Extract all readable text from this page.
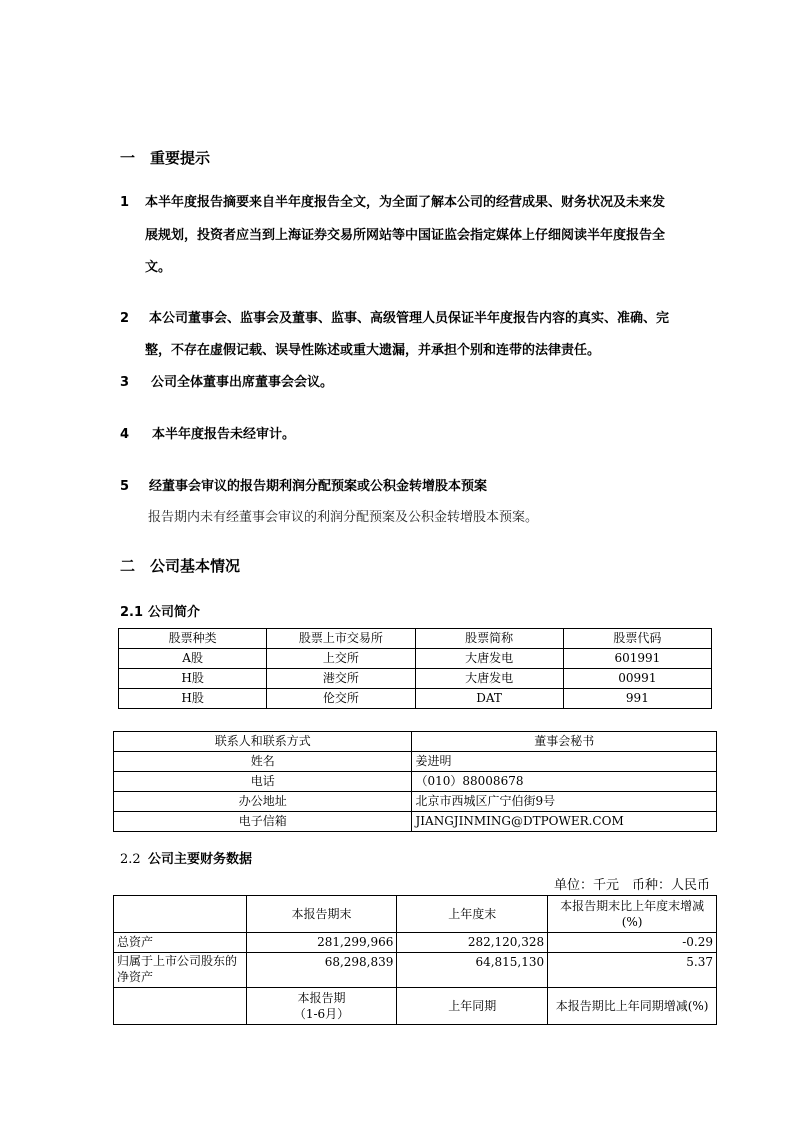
一　重要提示
1 本半年度报告摘要来自半年度报告全文，为全面了解本公司的经营成果、财务状况及未来发
展规划，投资者应当到上海证券交易所网站等中国证监会指定媒体上仔细阅读半年度报告全
文。
2 本公司董事会、监事会及董事、监事、高级管理人员保证半年度报告内容的真实、准确、完
整，不存在虚假记载、误导性陈述或重大遗漏，并承担个别和连带的法律责任。
3 公司全体董事出席董事会会议。
4 本半年度报告未经审计。
5 经董事会审议的报告期利润分配预案或公积金转增股本预案
报告期内未有经董事会审议的利润分配预案及公积金转增股本预案。
二　公司基本情况
2.1 公司简介
股票种类	股票上市交易所	股票简称	股票代码
A股	上交所	大唐发电	601991
H股	港交所	大唐发电	00991
H股	伦交所	DAT	991
联系人和联系方式	董事会秘书
姓名	姜进明
电话	（010）88008678
办公地址	北京市西城区广宁伯街9号
电子信箱	JIANGJINMING@DTPOWER.COM
2.2 公司主要财务数据
单位：千元　币种：人民币
	本报告期末	上年度末	本报告期末比上年度末增减(%)
总资产	281,299,966	282,120,328	-0.29
归属于上市公司股东的净资产	68,298,839	64,815,130	5.37
	本报告期
（1-6月）	上年同期	本报告期比上年同期增减(%)
